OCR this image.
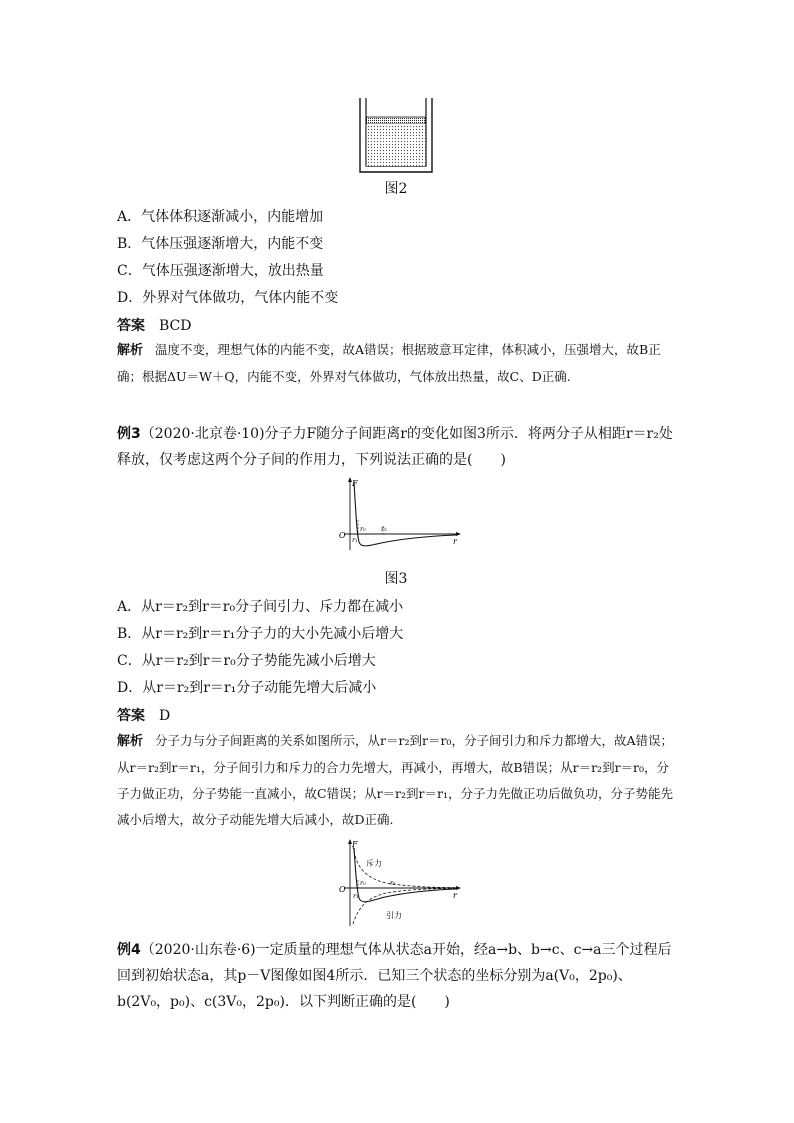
图2
A．气体体积逐渐减小，内能增加
B．气体压强逐渐增大，内能不变
C．气体压强逐渐增大，放出热量
D．外界对气体做功，气体内能不变
答案 BCD
解析 温度不变，理想气体的内能不变，故A错误；根据玻意耳定律，体积减小，压强增大，故B正确；根据ΔU＝W＋Q，内能不变，外界对气体做功，气体放出热量，故C、D正确.
例3（2020·北京卷·10)分子力F随分子间距离r的变化如图3所示．将两分子从相距r＝r₂处释放，仅考虑这两个分子间的作用力，下列说法正确的是(　　)
F
r
O
r₀
r₁
r₂
图3
A．从r＝r₂到r＝r₀分子间引力、斥力都在减小
B．从r＝r₂到r＝r₁分子力的大小先减小后增大
C．从r＝r₂到r＝r₀分子势能先减小后增大
D．从r＝r₂到r＝r₁分子动能先增大后减小
答案 D
解析 分子力与分子间距离的关系如图所示，从r＝r₂到r＝r₀，分子间引力和斥力都增大，故A错误；从r＝r₂到r＝r₁，分子间引力和斥力的合力先增大，再减小，再增大，故B错误；从r＝r₂到r＝r₀，分子力做正功，分子势能一直减小，故C错误；从r＝r₂到r＝r₁，分子力先做正功后做负功，分子势能先减小后增大，故分子动能先增大后减小，故D正确.
F
r
O
r₀
r₁
r₂
斥力
引力
例4（2020·山东卷·6)一定质量的理想气体从状态a开始，经a→b、b→c、c→a三个过程后回到初始状态a，其p－V图像如图4所示．已知三个状态的坐标分别为a(V₀，2p₀)、 b(2V₀，p₀)、c(3V₀，2p₀)．以下判断正确的是(　　)
